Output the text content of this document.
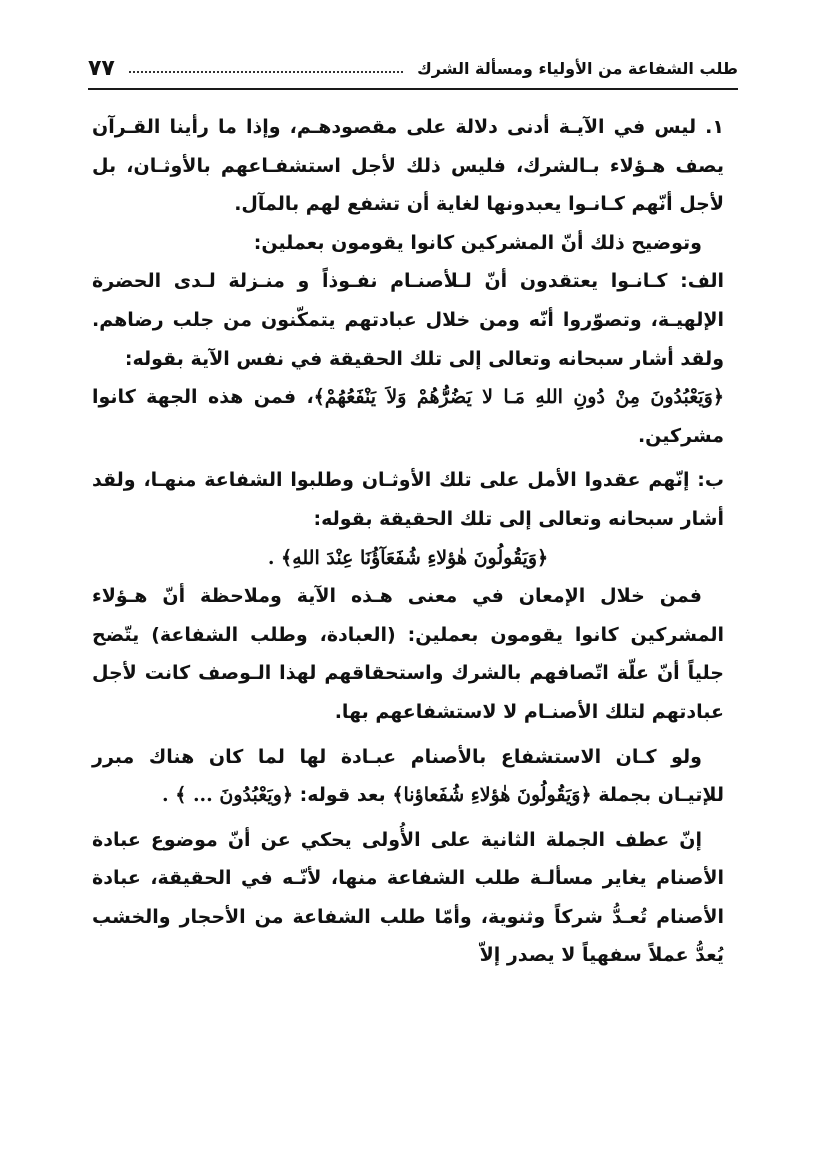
طلب الشفاعة من الأولياء ومسألة الشرك
٧٧

١. ليس في الآيـة أدنى دلالة على مقصودهـم، وإذا ما رأينا القـرآن يصف هـؤلاء بـالشرك، فليس ذلك لأجل استشفـاعهم بالأوثـان، بل لأجل أنّهم كـانـوا يعبدونها لغاية أن تشفع لهم بالمآل.

وتوضيح ذلك أنّ المشركين كانوا يقومون بعملين:

الف: كـانـوا يعتقدون أنّ لـلأصنـام نفـوذاً و منـزلة لـدى الحضرة الإلهيـة، وتصوّروا أنّه ومن خلال عبادتهم يتمكّنون من جلب رضاهم. ولقد أشار سبحانه وتعالى إلى تلك الحقيقة في نفس الآية بقوله:

﴿وَيَعْبُدُونَ مِنْ دُونِ اللهِ مَـا لا يَضُرُّهُمْ وَلاَ يَنْفَعُهُمْ﴾، فمن هذه الجهة كانوا مشركين.

ب: إنّهم عقدوا الأمل على تلك الأوثـان وطلبوا الشفاعة منهـا، ولقد أشار سبحانه وتعالى إلى تلك الحقيقة بقوله:

﴿وَيَقُولُونَ هٰؤلاءِ شُفَعَآؤُنَا عِنْدَ اللهِ﴾ .

فمن خلال الإمعان في معنى هـذه الآية وملاحظة أنّ هـؤلاء المشركين كانوا يقومون بعملين: (العبادة، وطلب الشفاعة) يتّضح جلياً أنّ علّة اتّصافهم بالشرك واستحقاقهم لهذا الـوصف كانت لأجل عبادتهم لتلك الأصنـام لا لاستشفاعهم بها.

ولو كـان الاستشفاع بالأصنام عبـادة لها لما كان هناك مبرر للإتيـان بجملة ﴿وَيَقُولُونَ هٰؤلاءِ شُفَعاؤنا﴾ بعد قوله: ﴿ويَعْبُدُونَ ... ﴾ .

إنّ عطف الجملة الثانية على الأُولى يحكي عن أنّ موضوع عبادة الأصنام يغاير مسألـة طلب الشفاعة منها، لأنّـه في الحقيقة، عبادة الأصنام تُعـدُّ شركاً وثنوية، وأمّا طلب الشفاعة من الأحجار والخشب يُعدُّ عملاً سفهياً لا يصدر إلاّ
